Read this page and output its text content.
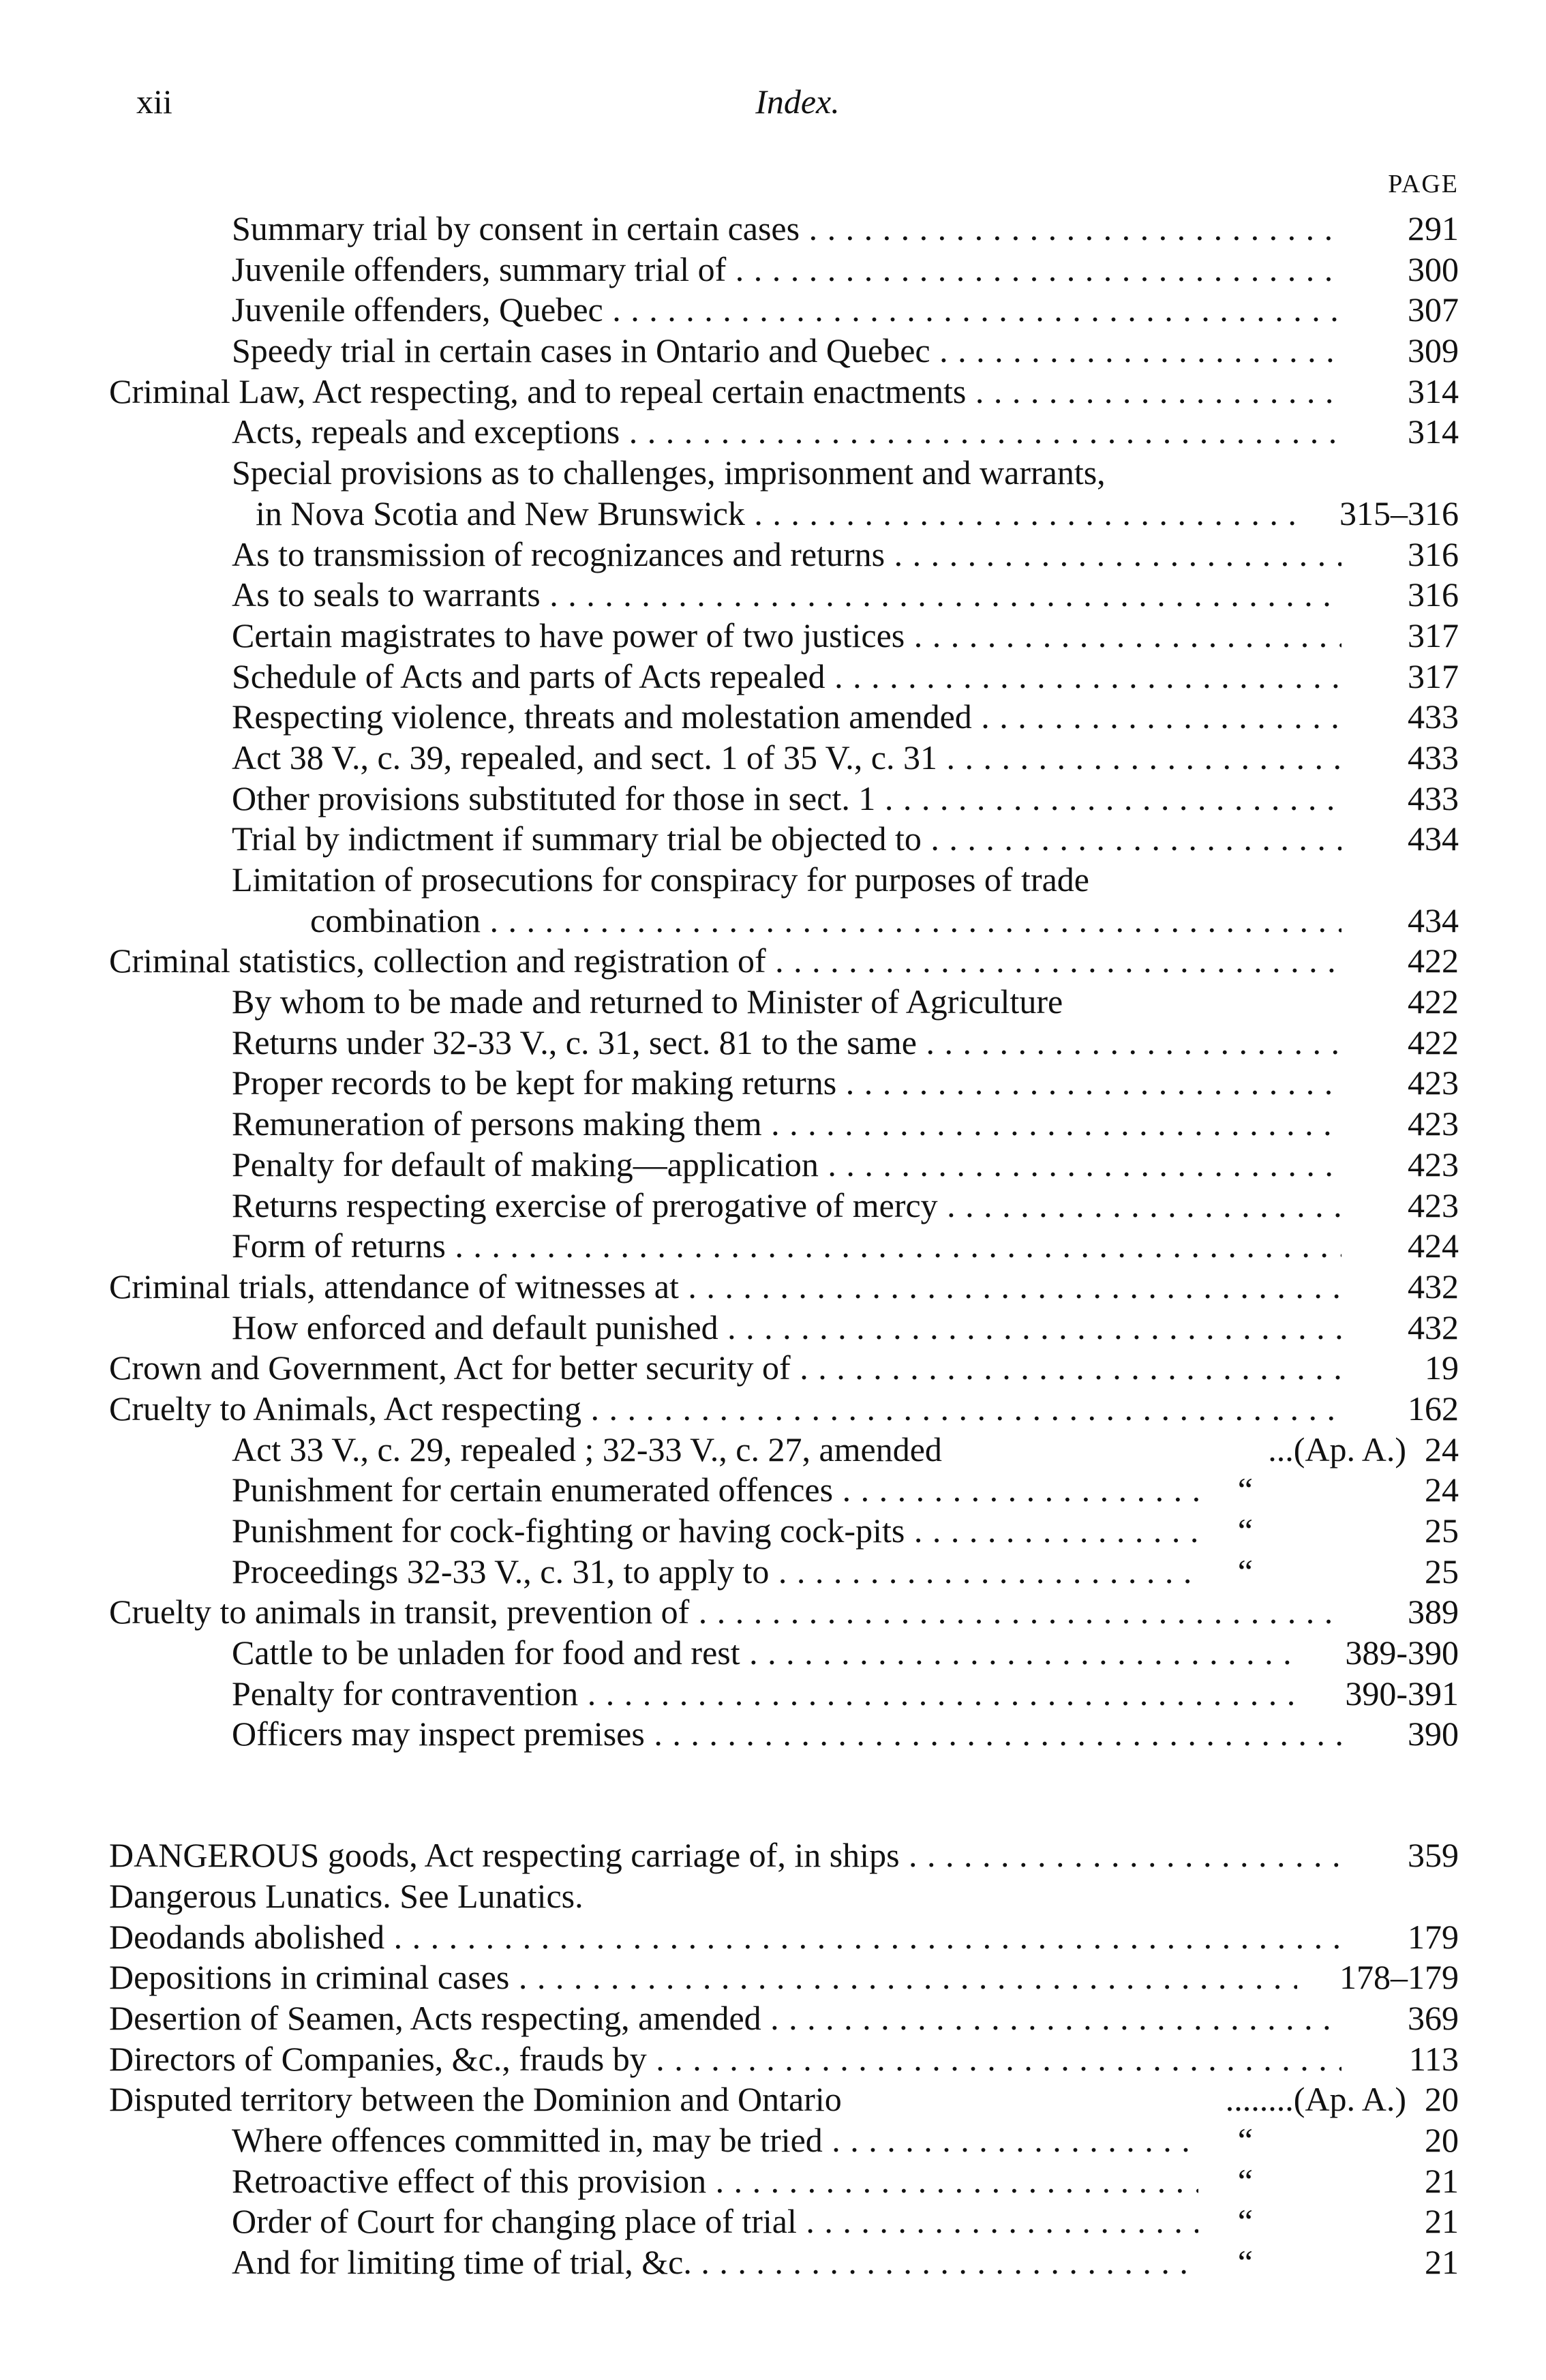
xii	Index.
PAGE
Summary trial by consent in certain cases . . .	291
Juvenile offenders, summary trial of . . .	300
Juvenile offenders, Quebec . . .	307
Speedy trial in certain cases in Ontario and Quebec . . .	309
Criminal Law, Act respecting, and to repeal certain enactments . . .	314
Acts, repeals and exceptions . . .	314
Special provisions as to challenges, imprisonment and warrants,
in Nova Scotia and New Brunswick . . .	315–316
As to transmission of recognizances and returns . . .	316
As to seals to warrants . . .	316
Certain magistrates to have power of two justices . . .	317
Schedule of Acts and parts of Acts repealed . . .	317
Respecting violence, threats and molestation amended . . .	433
Act 38 V., c. 39, repealed, and sect. 1 of 35 V., c. 31 . . .	433
Other provisions substituted for those in sect. 1 . . .	433
Trial by indictment if summary trial be objected to . . .	434
Limitation of prosecutions for conspiracy for purposes of trade
combination . . .	434
Criminal statistics, collection and registration of . . .	422
By whom to be made and returned to Minister of Agriculture	422
Returns under 32-33 V., c. 31, sect. 81 to the same . . .	422
Proper records to be kept for making returns . . .	423
Remuneration of persons making them . . .	423
Penalty for default of making—application . . .	423
Returns respecting exercise of prerogative of mercy . . .	423
Form of returns . . .	424
Criminal trials, attendance of witnesses at . . .	432
How enforced and default punished . . .	432
Crown and Government, Act for better security of . . .	19
Cruelty to Animals, Act respecting . . .	162
Act 33 V., c. 29, repealed ; 32-33 V., c. 27, amended	...(Ap. A.) 24
Punishment for certain enumerated offences . . .	“	24
Punishment for cock-fighting or having cock-pits . . .	“	25
Proceedings 32-33 V., c. 31, to apply to . . .	“	25
Cruelty to animals in transit, prevention of . . .	389
Cattle to be unladen for food and rest . . .	389-390
Penalty for contravention . . .	390-391
Officers may inspect premises . . .	390
DANGEROUS goods, Act respecting carriage of, in ships . . .	359
Dangerous Lunatics. See Lunatics.
Deodands abolished . . .	179
Depositions in criminal cases . . .	178–179
Desertion of Seamen, Acts respecting, amended . . .	369
Directors of Companies, &c., frauds by . . .	113
Disputed territory between the Dominion and Ontario	........(Ap. A.) 20
Where offences committed in, may be tried . . .	“	20
Retroactive effect of this provision . . .	“	21
Order of Court for changing place of trial . . .	“	21
And for limiting time of trial, &c. . . .	“	21
